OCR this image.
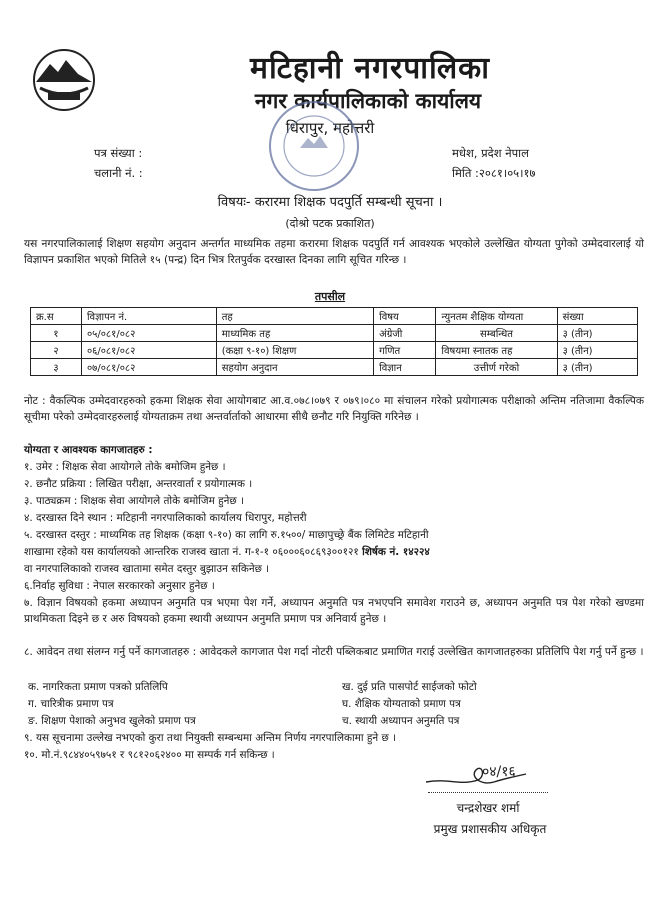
मटिहानी नगरपालिका
नगर कार्यपालिकाको कार्यालय
धिरापुर, महोत्तरी
पत्र संख्या :
चलानी नं. :
मधेश, प्रदेश नेपाल
मिति :२०८१।०५।१७
विषयः- करारमा शिक्षक पदपुर्ति सम्बन्धी सूचना ।
(दोश्रो पटक प्रकाशित)
यस नगरपालिकालाई शिक्षण सहयोग अनुदान अन्तर्गत माध्यमिक तहमा करारमा शिक्षक पदपुर्ति गर्न आवश्यक भएकोले उल्लेखित योग्यता पुगेको उम्मेदवारलाई यो विज्ञापन प्रकाशित भएको मितिले १५ (पन्द्र) दिन भित्र रितपुर्वक दरखास्त दिनका लागि सूचित गरिन्छ ।
तपसील
क्र.स	विज्ञापन नं.	तह	विषय	न्युनतम शैक्षिक योग्यता	संख्या
१	०५/०८१/०८२	माध्यमिक तह	अंग्रेजी	सम्बन्धित	३ (तीन)
२	०६/०८१/०८२	(कक्षा ९-१०) शिक्षण	गणित	विषयमा स्नातक तह	३ (तीन)
३	०७/०८१/०८२	सहयोग अनुदान	विज्ञान	उत्तीर्ण गरेको	३ (तीन)
नोट : वैकल्पिक उम्मेदवारहरुको हकमा शिक्षक सेवा आयोगबाट आ.व.०७८।०७९ र ०७९।०८० मा संचालन गरेको प्रयोगात्मक परीक्षाको अन्तिम नतिजामा वैकल्पिक सूचीमा परेको उम्मेदवारहरुलाई योग्यताक्रम तथा अन्तर्वार्ताको आधारमा सीधै छनौट गरि नियुक्ति गरिनेछ ।
योग्यता र आवश्यक कागजातहरु :
१. उमेर : शिक्षक सेवा आयोगले तोके बमोजिम हुनेछ ।
२. छनौट प्रक्रिया : लिखित परीक्षा, अन्तरवार्ता र प्रयोगात्मक ।
३. पाठ्यक्रम : शिक्षक सेवा आयोगले तोके बमोजिम हुनेछ ।
४. दरखास्त दिने स्थान : मटिहानी नगरपालिकाको कार्यालय धिरापुर, महोत्तरी
५. दरखास्त दस्तुर : माध्यमिक तह शिक्षक (कक्षा ९-१०) का लागि रु.१५००/ माछापुच्छ्रे बैंक लिमिटेड मटिहानी
शाखामा रहेको यस कार्यालयको आन्तरिक राजस्व खाता नं. ग-१-१ ०६०००६०८६९३००१२१ शिर्षक नं. १४२२४
वा नगरपालिकाको राजस्व खातामा समेत दस्तुर बुझाउन सकिनेछ ।
६.निर्वाह सुविधा : नेपाल सरकारको अनुसार हुनेछ ।
७. विज्ञान विषयको हकमा अध्यापन अनुमति पत्र भएमा पेश गर्ने, अध्यापन अनुमति पत्र नभएपनि समावेश गराउने छ, अध्यापन अनुमति पत्र पेश गरेको खण्डमा प्राथमिकता दिइने छ र अरु विषयको हकमा स्थायी अध्यापन अनुमति प्रमाण पत्र अनिवार्य हुनेछ ।
८. आवेदन तथा संलग्न गर्नु पर्ने कागजातहरु : आवेदकले कागजात पेश गर्दा नोटरी पब्लिकबाट प्रमाणित गराई उल्लेखित कागजातहरुका प्रतिलिपि पेश गर्नु पर्ने हुन्छ ।
क. नागरिकता प्रमाण पत्रको प्रतिलिपि	ख. दुई प्रति पासपोर्ट साईजको फोटो
ग. चारित्रीक प्रमाण पत्र	घ. शैक्षिक योग्यताको प्रमाण पत्र
ङ. शिक्षण पेशाको अनुभव खुलेको प्रमाण पत्र	च. स्थायी अध्यापन अनुमति पत्र
९. यस सूचनामा उल्लेख नभएको कुरा तथा नियुक्ती सम्बन्धमा अन्तिम निर्णय नगरपालिकामा हुने छ ।
१०. मो.नं.९८४४०५९७५१ र ९८१२०६२४०० मा सम्पर्क गर्न सकिन्छ ।
०४/१६
चन्द्रशेखर शर्मा
प्रमुख प्रशासकीय अधिकृत
